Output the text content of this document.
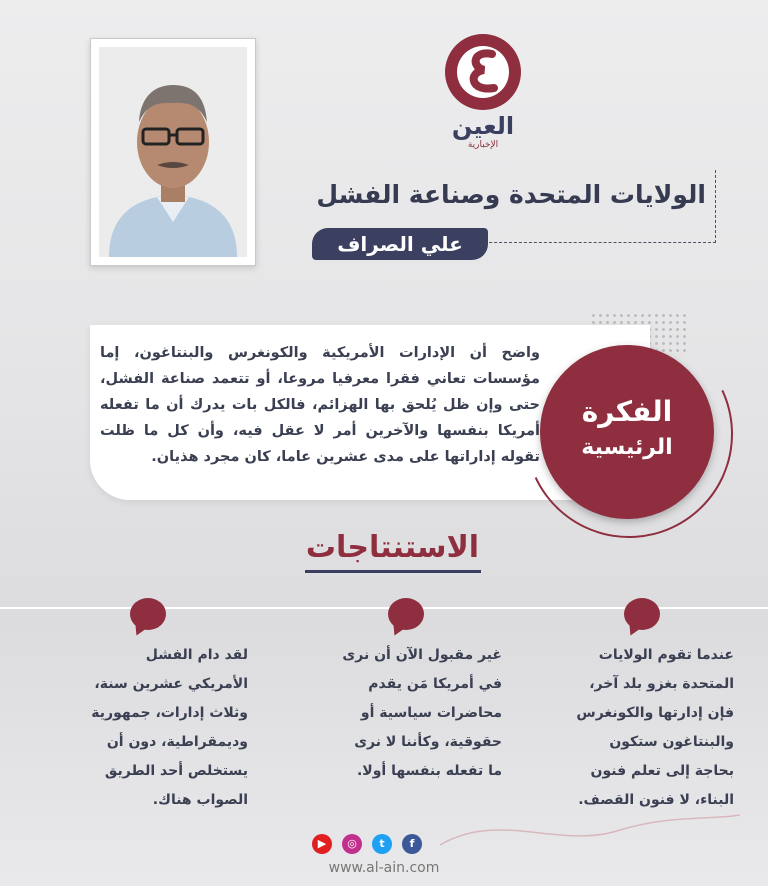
العين
الإخبارية
الولايات المتحدة وصناعة الفشل
علي الصراف
واضح أن الإدارات الأمريكية والكونغرس والبنتاغون، إما مؤسسات تعاني فقرا معرفيا مروعا، أو تتعمد صناعة الفشل، حتى وإن ظل يُلحق بها الهزائم، فالكل بات يدرك أن ما تفعله أمريكا بنفسها والآخرين أمر لا عقل فيه، وأن كل ما ظلت تقوله إداراتها على مدى عشرين عاما، كان مجرد هذيان.
الفكرة
الرئيسية
الاستنتاجات
عندما تقوم الولايات المتحدة بغزو بلد آخر، فإن إدارتها والكونغرس والبنتاغون ستكون بحاجة إلى تعلم فنون البناء، لا فنون القصف.
غير مقبول الآن أن نرى في أمريكا مَن يقدم محاضرات سياسية أو حقوقية، وكأننا لا نرى ما تفعله بنفسها أولا.
لقد دام الفشل الأمريكي عشرين سنة، وثلاث إدارات، جمهورية وديمقراطية، دون أن يستخلص أحد الطريق الصواب هناك.
▶	◎	t	f
www.al-ain.com
